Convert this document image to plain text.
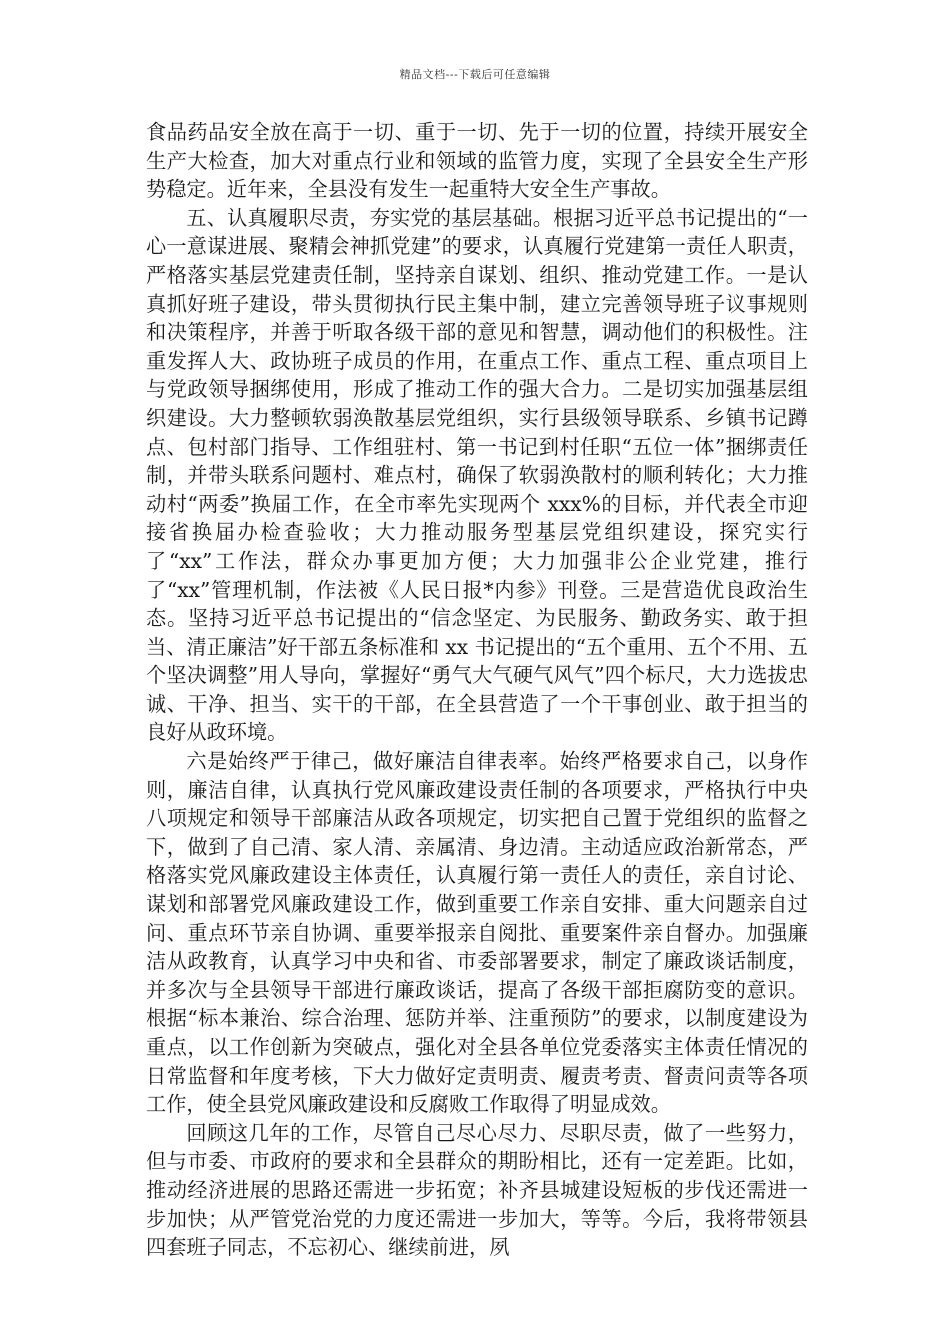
精品文档---下载后可任意编辑

食品药品安全放在高于一切、重于一切、先于一切的位置，持续开展安全生产大检查，加大对重点行业和领域的监管力度，实现了全县安全生产形势稳定。近年来，全县没有发生一起重特大安全生产事故。

五、认真履职尽责，夯实党的基层基础。根据习近平总书记提出的“一心一意谋进展、聚精会神抓党建”的要求，认真履行党建第一责任人职责，严格落实基层党建责任制，坚持亲自谋划、组织、推动党建工作。一是认真抓好班子建设，带头贯彻执行民主集中制，建立完善领导班子议事规则和决策程序，并善于听取各级干部的意见和智慧，调动他们的积极性。注重发挥人大、政协班子成员的作用，在重点工作、重点工程、重点项目上与党政领导捆绑使用，形成了推动工作的强大合力。二是切实加强基层组织建设。大力整顿软弱涣散基层党组织，实行县级领导联系、乡镇书记蹲点、包村部门指导、工作组驻村、第一书记到村任职“五位一体”捆绑责任制，并带头联系问题村、难点村，确保了软弱涣散村的顺利转化；大力推动村“两委”换届工作，在全市率先实现两个 xxx%的目标，并代表全市迎接省换届办检查验收；大力推动服务型基层党组织建设，探究实行了“xx”工作法，群众办事更加方便；大力加强非公企业党建，推行了“xx”管理机制，作法被《人民日报*内参》刊登。三是营造优良政治生态。坚持习近平总书记提出的“信念坚定、为民服务、勤政务实、敢于担当、清正廉洁”好干部五条标准和 xx 书记提出的“五个重用、五个不用、五个坚决调整”用人导向，掌握好“勇气大气硬气风气”四个标尺，大力选拔忠诚、干净、担当、实干的干部，在全县营造了一个干事创业、敢于担当的良好从政环境。

六是始终严于律己，做好廉洁自律表率。始终严格要求自己，以身作则，廉洁自律，认真执行党风廉政建设责任制的各项要求，严格执行中央八项规定和领导干部廉洁从政各项规定，切实把自己置于党组织的监督之下，做到了自己清、家人清、亲属清、身边清。主动适应政治新常态，严格落实党风廉政建设主体责任，认真履行第一责任人的责任，亲自讨论、谋划和部署党风廉政建设工作，做到重要工作亲自安排、重大问题亲自过问、重点环节亲自协调、重要举报亲自阅批、重要案件亲自督办。加强廉洁从政教育，认真学习中央和省、市委部署要求，制定了廉政谈话制度，并多次与全县领导干部进行廉政谈话，提高了各级干部拒腐防变的意识。根据“标本兼治、综合治理、惩防并举、注重预防”的要求，以制度建设为重点，以工作创新为突破点，强化对全县各单位党委落实主体责任情况的日常监督和年度考核，下大力做好定责明责、履责考责、督责问责等各项工作，使全县党风廉政建设和反腐败工作取得了明显成效。

回顾这几年的工作，尽管自己尽心尽力、尽职尽责，做了一些努力，但与市委、市政府的要求和全县群众的期盼相比，还有一定差距。比如，推动经济进展的思路还需进一步拓宽；补齐县城建设短板的步伐还需进一步加快；从严管党治党的力度还需进一步加大，等等。今后，我将带领县四套班子同志，不忘初心、继续前进，夙
